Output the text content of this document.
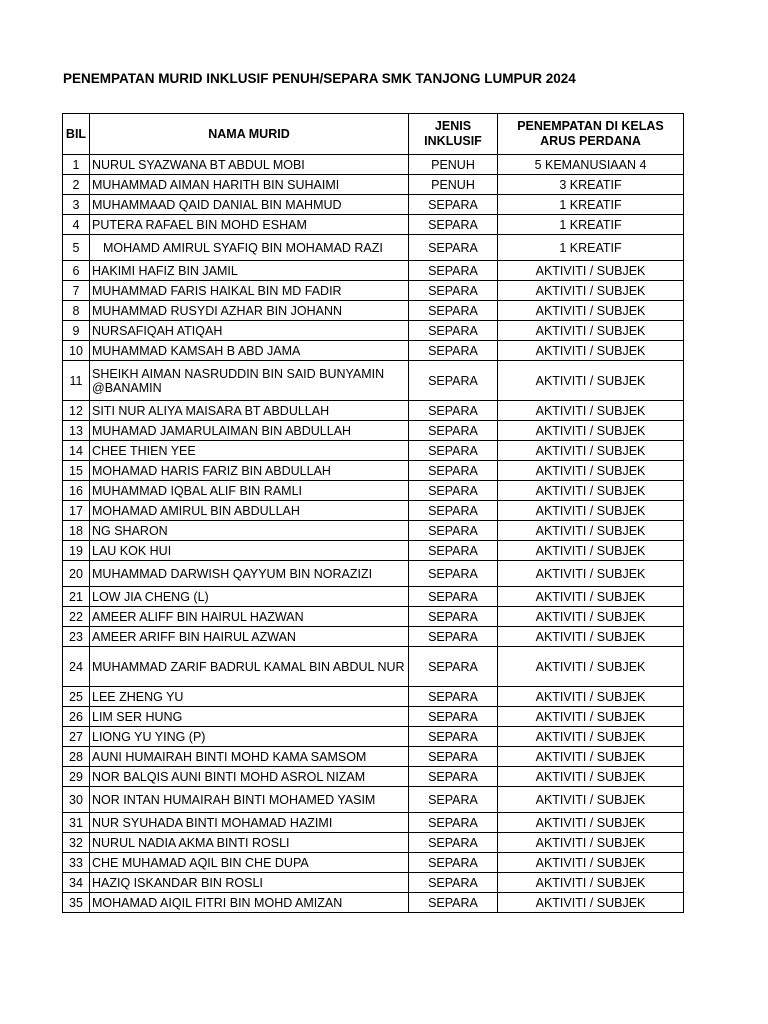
PENEMPATAN MURID INKLUSIF PENUH/SEPARA SMK TANJONG LUMPUR 2024
BIL	NAMA MURID	JENIS INKLUSIF	PENEMPATAN DI KELAS ARUS PERDANA
1	NURUL SYAZWANA BT ABDUL MOBI	PENUH	5 KEMANUSIAAN 4
2	MUHAMMAD AIMAN HARITH BIN SUHAIMI	PENUH	3 KREATIF
3	MUHAMMAAD QAID DANIAL BIN MAHMUD	SEPARA	1 KREATIF
4	PUTERA RAFAEL BIN MOHD ESHAM	SEPARA	1 KREATIF
5	MOHAMD AMIRUL SYAFIQ BIN MOHAMAD RAZI	SEPARA	1 KREATIF
6	HAKIMI HAFIZ BIN JAMIL	SEPARA	AKTIVITI / SUBJEK
7	MUHAMMAD FARIS HAIKAL BIN MD FADIR	SEPARA	AKTIVITI / SUBJEK
8	MUHAMMAD RUSYDI AZHAR BIN JOHANN	SEPARA	AKTIVITI / SUBJEK
9	NURSAFIQAH ATIQAH	SEPARA	AKTIVITI / SUBJEK
10	MUHAMMAD KAMSAH B ABD JAMA	SEPARA	AKTIVITI / SUBJEK
11	SHEIKH AIMAN NASRUDDIN BIN SAID BUNYAMIN @BANAMIN	SEPARA	AKTIVITI / SUBJEK
12	SITI NUR ALIYA MAISARA BT ABDULLAH	SEPARA	AKTIVITI / SUBJEK
13	MUHAMAD JAMARULAIMAN BIN ABDULLAH	SEPARA	AKTIVITI / SUBJEK
14	CHEE THIEN YEE	SEPARA	AKTIVITI / SUBJEK
15	MOHAMAD HARIS FARIZ BIN ABDULLAH	SEPARA	AKTIVITI / SUBJEK
16	MUHAMMAD IQBAL ALIF BIN RAMLI	SEPARA	AKTIVITI / SUBJEK
17	MOHAMAD AMIRUL BIN ABDULLAH	SEPARA	AKTIVITI / SUBJEK
18	NG SHARON	SEPARA	AKTIVITI / SUBJEK
19	LAU KOK HUI	SEPARA	AKTIVITI / SUBJEK
20	MUHAMMAD DARWISH QAYYUM BIN NORAZIZI	SEPARA	AKTIVITI / SUBJEK
21	LOW JIA CHENG (L)	SEPARA	AKTIVITI / SUBJEK
22	AMEER ALIFF BIN HAIRUL HAZWAN	SEPARA	AKTIVITI / SUBJEK
23	AMEER ARIFF BIN HAIRUL AZWAN	SEPARA	AKTIVITI / SUBJEK
24	MUHAMMAD ZARIF BADRUL KAMAL BIN ABDUL NUR	SEPARA	AKTIVITI / SUBJEK
25	LEE ZHENG YU	SEPARA	AKTIVITI / SUBJEK
26	LIM SER HUNG	SEPARA	AKTIVITI / SUBJEK
27	LIONG YU YING (P)	SEPARA	AKTIVITI / SUBJEK
28	AUNI HUMAIRAH BINTI MOHD KAMA SAMSOM	SEPARA	AKTIVITI / SUBJEK
29	NOR BALQIS AUNI BINTI MOHD ASROL NIZAM	SEPARA	AKTIVITI / SUBJEK
30	NOR INTAN HUMAIRAH BINTI MOHAMED YASIM	SEPARA	AKTIVITI / SUBJEK
31	NUR SYUHADA BINTI MOHAMAD HAZIMI	SEPARA	AKTIVITI / SUBJEK
32	NURUL NADIA AKMA BINTI ROSLI	SEPARA	AKTIVITI / SUBJEK
33	CHE MUHAMAD AQIL BIN CHE DUPA	SEPARA	AKTIVITI / SUBJEK
34	HAZIQ ISKANDAR BIN ROSLI	SEPARA	AKTIVITI / SUBJEK
35	MOHAMAD AIQIL FITRI BIN MOHD AMIZAN	SEPARA	AKTIVITI / SUBJEK
